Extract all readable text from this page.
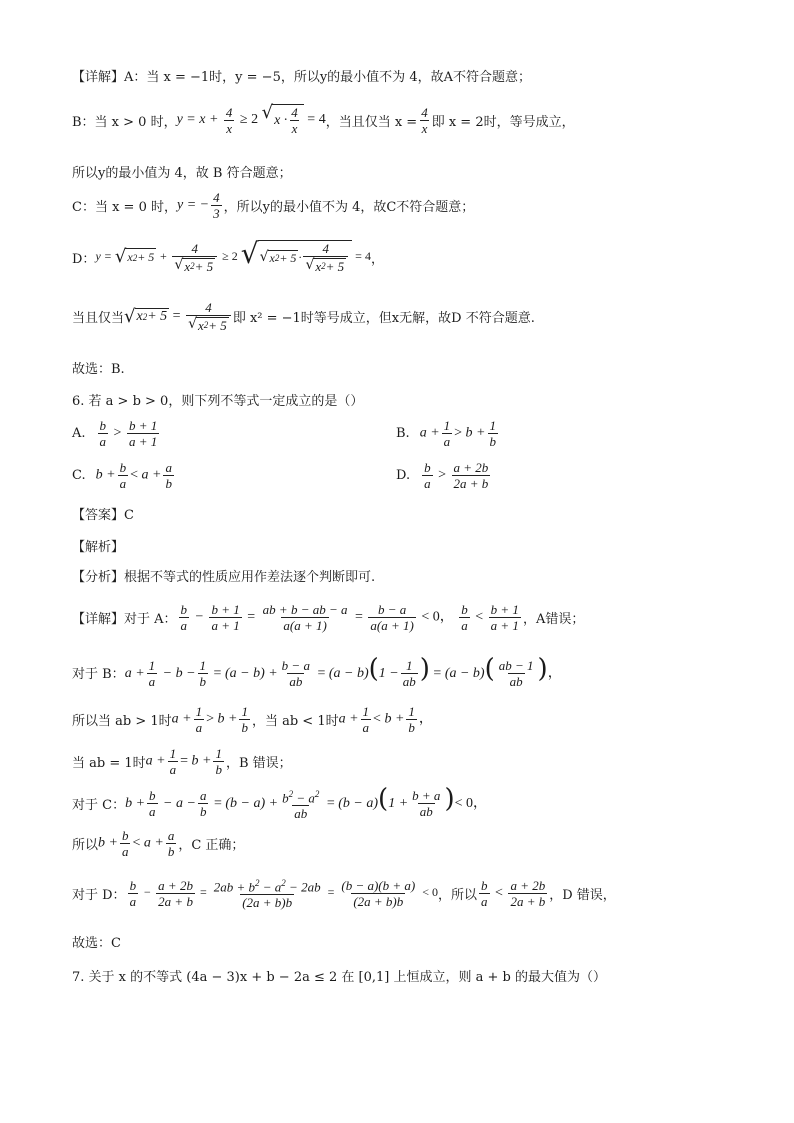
【详解】A：当 x = −1时，y = −5，所以y的最小值不为 4，故A不符合题意；
B：当 x > 0 时， $y = x + \frac{4}{x} \ge 2$ √ $x \cdot \frac{4}{x} = 4$ ，当且仅当 $x = \frac{4}{x}$ 即 x = 2时，等号成立，
所以y的最小值为 4，故 B 符合题意；
C：当 x = 0 时， y = − $\frac{4}{3}$ ，所以y的最小值不为 4，故C不符合题意；
D： y = √ x $2 + 5 + \frac{4}{√ x 2 + 5} \ge 2$ √ √ x $2 + 5 \cdot \frac{4}{√ x 2 + 5} = 4$ ，
当且仅当 √ x $2 + 5 = \frac{4}{√ x 2 + 5}$ 即 x² = −1时等号成立，但x无解，故D 不符合题意.
故选：B.
6. 若 a > b > 0，则下列不等式一定成立的是（）
A. $\frac{b}{a} > \frac{b + 1}{a + 1}$	B. $a + \frac{1}{a} > b + \frac{1}{b}$
C. $b + \frac{b}{a} < a + \frac{a}{b}$	D. $\frac{b}{a} > \frac{a + 2b}{2a + b}$
【答案】C
【解析】
【分析】根据不等式的性质应用作差法逐个判断即可.
【详解】对于 A： $\frac{b}{a} - \frac{b + 1}{a + 1} = \frac{ab + b - ab - a}{a(a + 1)} = \frac{b - a}{a(a + 1)} < 0$， $\frac{b}{a} < \frac{b + 1}{a + 1}$ ，A错误；
对于 B： $a + \frac{1}{a} - b - \frac{1}{b} = (a - b) + \frac{b - a}{ab} = (a - b)(1 - \frac{1}{ab}$ ) = $(a - b)( \frac{ab - 1}{ab}$ )，
所以当 ab > 1时 $a + \frac{1}{a} > b + \frac{1}{b}$ ，当 ab < 1时 $a + \frac{1}{a} < b + \frac{1}{b}$ ，
当 ab = 1时 $a + \frac{1}{a} = b + \frac{1}{b}$ ，B 错误；
对于 C： $b + \frac{b}{a} - a - \frac{a}{b} = (b - a) + \frac{b^2 - a^2}{ab} = (b - a)(1 + \frac{b + a}{ab}$ )< 0，
所以 $b + \frac{b}{a} < a + \frac{a}{b}$ ，C 正确；
对于 D： $\frac{b}{a} - \frac{a + 2b}{2a + b} = \frac{2ab + b^2 - a^2 - 2ab}{(2a + b)b} = \frac{(b - a)(b + a)}{(2a + b)b} < 0$ ，所以 $\frac{b}{a} < \frac{a + 2b}{2a + b}$ ，D 错误，
故选：C
7. 关于 x 的不等式 (4a − 3)x + b − 2a ≤ 2 在 [0,1] 上恒成立，则 a + b 的最大值为（）
